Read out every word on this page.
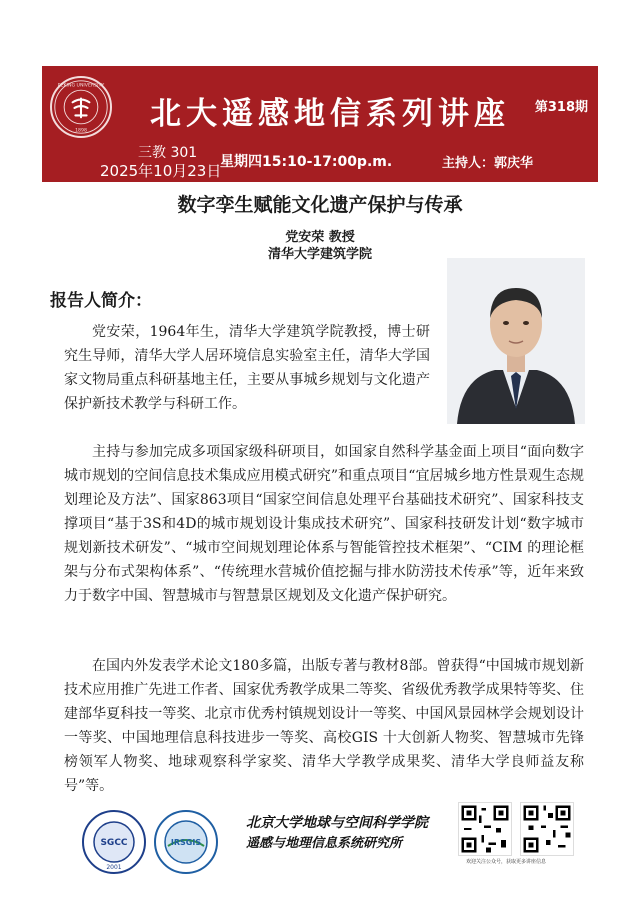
PEKING UNIVERSITY
1898 北大遥感地信系列讲座 第318期
三教 301
2025年10月23日
星期四15:10-17:00p.m.	主持人：郭庆华
数字孪生赋能文化遗产保护与传承
党安荣 教授
清华大学建筑学院
报告人简介：

党安荣，1964年生，清华大学建筑学院教授，博士研究生导师，清华大学人居环境信息实验室主任，清华大学国家文物局重点科研基地主任，主要从事城乡规划与文化遗产保护新技术教学与科研工作。

主持与参加完成多项国家级科研项目，如国家自然科学基金面上项目“面向数字城市规划的空间信息技术集成应用模式研究”和重点项目“宜居城乡地方性景观生态规划理论及方法”、国家863项目“国家空间信息处理平台基础技术研究”、国家科技支撑项目“基于3S和4D的城市规划设计集成技术研究”、国家科技研发计划“数字城市规划新技术研发”、“城市空间规划理论体系与智能管控技术框架”、“CIM 的理论框架与分布式架构体系”、“传统理水营城价值挖掘与排水防涝技术传承”等，近年来致力于数字中国、智慧城市与智慧景区规划及文化遗产保护研究。

在国内外发表学术论文180多篇，出版专著与教材8部。曾获得“中国城市规划新技术应用推广先进工作者、国家优秀教学成果二等奖、省级优秀教学成果特等奖、住建部华夏科技一等奖、北京市优秀村镇规划设计一等奖、中国风景园林学会规划设计一等奖、中国地理信息科技进步一等奖、高校GIS 十大创新人物奖、智慧城市先锋榜领军人物奖、地球观察科学家奖、清华大学教学成果奖、清华大学良师益友称号”等。

SGCC
2001
IRSGIS
北京大学地球与空间科学学院
遥感与地理信息系统研究所
欢迎关注公众号，获取更多讲座信息
